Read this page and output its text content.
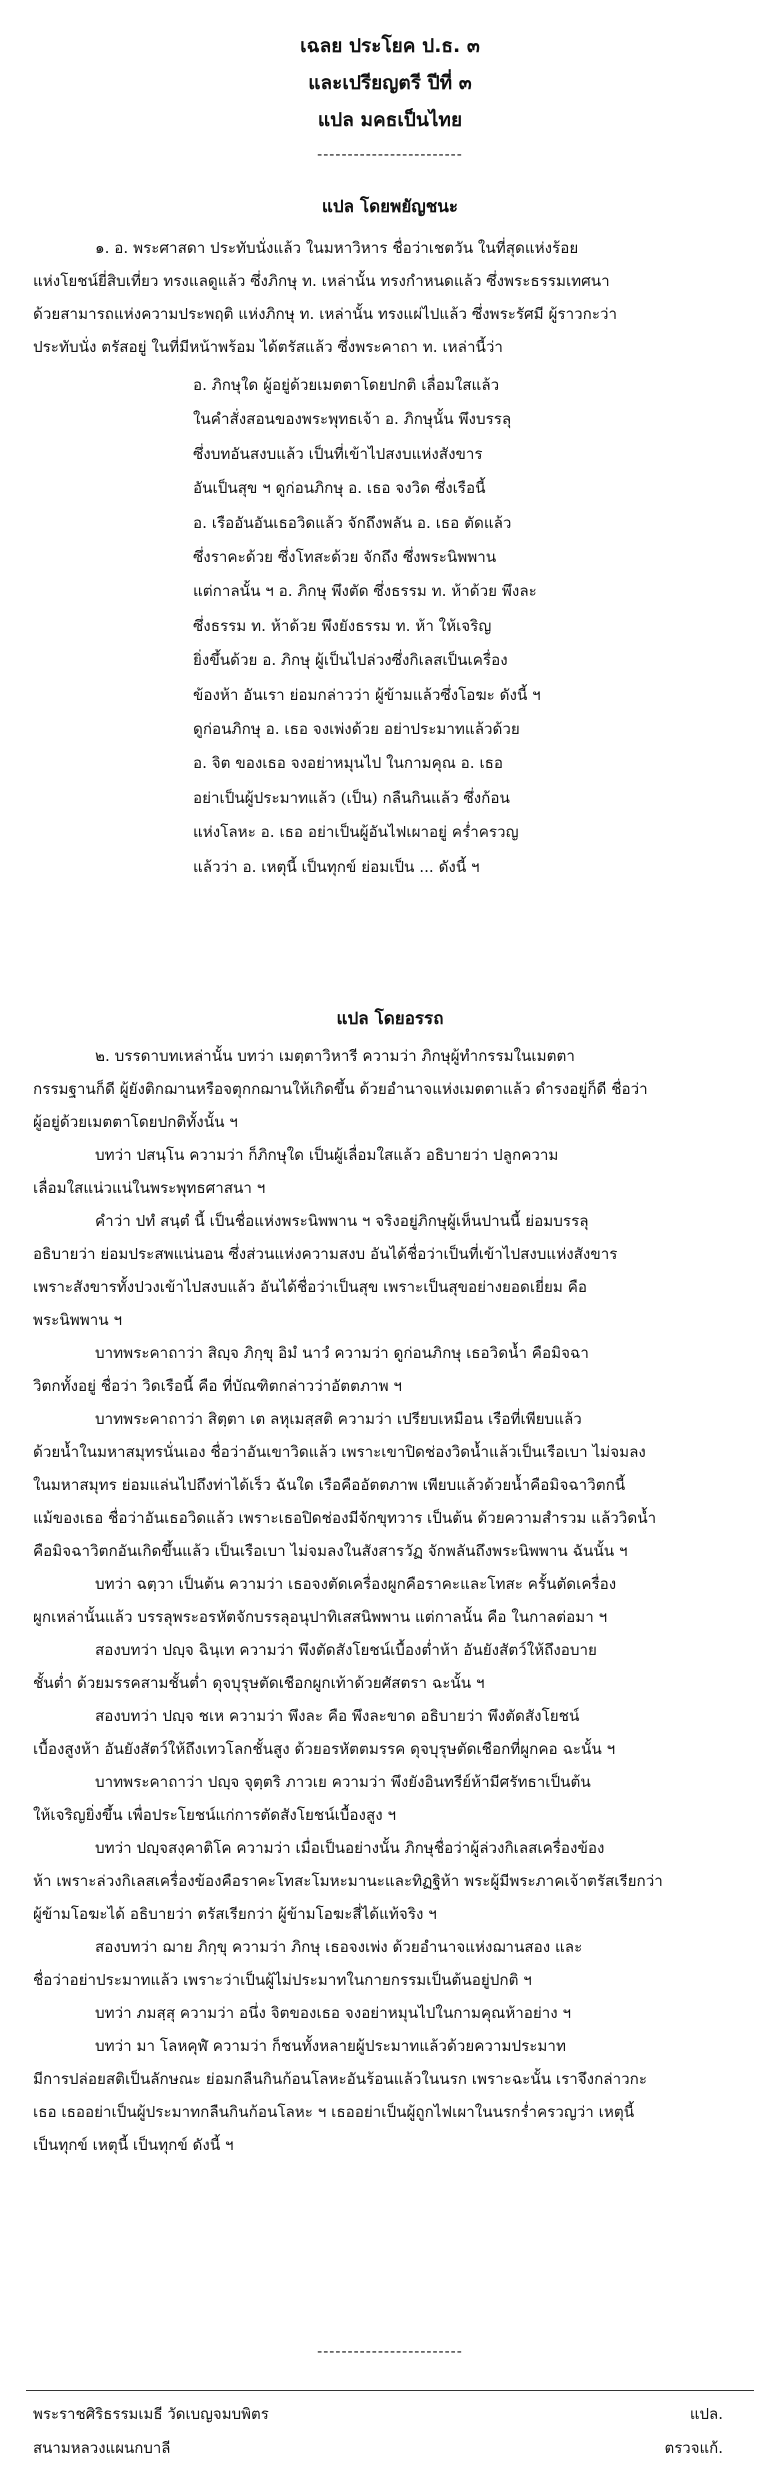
เฉลย ประโยค ป.ธ. ๓
และเปรียญตรี ปีที่ ๓
แปล มคธเป็นไทย
------------------------
แปล โดยพยัญชนะ
๑. อ. พระศาสดา ประทับนั่งแล้ว ในมหาวิหาร ชื่อว่าเชตวัน ในที่สุดแห่งร้อย
แห่งโยชน์ยี่สิบเที่ยว ทรงแลดูแล้ว ซึ่งภิกษุ ท. เหล่านั้น ทรงกำหนดแล้ว ซึ่งพระธรรมเทศนา
ด้วยสามารถแห่งความประพฤติ แห่งภิกษุ ท. เหล่านั้น ทรงแผ่ไปแล้ว ซึ่งพระรัศมี ผู้ราวกะว่า
ประทับนั่ง ตรัสอยู่ ในที่มีหน้าพร้อม ได้ตรัสแล้ว ซึ่งพระคาถา ท. เหล่านี้ว่า
อ. ภิกษุใด ผู้อยู่ด้วยเมตตาโดยปกติ เลื่อมใสแล้ว
ในคำสั่งสอนของพระพุทธเจ้า อ. ภิกษุนั้น พึงบรรลุ
ซึ่งบทอันสงบแล้ว เป็นที่เข้าไปสงบแห่งสังขาร
อันเป็นสุข ฯ ดูก่อนภิกษุ อ. เธอ จงวิด ซึ่งเรือนี้
อ. เรืออันอันเธอวิดแล้ว จักถึงพลัน อ. เธอ ตัดแล้ว
ซึ่งราคะด้วย ซึ่งโทสะด้วย จักถึง ซึ่งพระนิพพาน
แต่กาลนั้น ฯ อ. ภิกษุ พึงตัด ซึ่งธรรม ท. ห้าด้วย พึงละ
ซึ่งธรรม ท. ห้าด้วย พึงยังธรรม ท. ห้า ให้เจริญ
ยิ่งขึ้นด้วย อ. ภิกษุ ผู้เป็นไปล่วงซึ่งกิเลสเป็นเครื่อง
ข้องห้า อันเรา ย่อมกล่าวว่า ผู้ข้ามแล้วซึ่งโอฆะ ดังนี้ ฯ
ดูก่อนภิกษุ อ. เธอ จงเพ่งด้วย อย่าประมาทแล้วด้วย
อ. จิต ของเธอ จงอย่าหมุนไป ในกามคุณ อ. เธอ
อย่าเป็นผู้ประมาทแล้ว (เป็น) กลืนกินแล้ว ซึ่งก้อน
แห่งโลหะ อ. เธอ อย่าเป็นผู้อันไฟเผาอยู่ คร่ำครวญ
แล้วว่า อ. เหตุนี้ เป็นทุกข์ ย่อมเป็น ... ดังนี้ ฯ
แปล โดยอรรถ
๒. บรรดาบทเหล่านั้น บทว่า เมตฺตาวิหารี ความว่า ภิกษุผู้ทำกรรมในเมตตา
กรรมฐานก็ดี ผู้ยังติกฌานหรือจตุกกฌานให้เกิดขึ้น ด้วยอำนาจแห่งเมตตาแล้ว ดำรงอยู่ก็ดี ชื่อว่า
ผู้อยู่ด้วยเมตตาโดยปกติทั้งนั้น ฯ
บทว่า ปสนฺโน ความว่า ก็ภิกษุใด เป็นผู้เลื่อมใสแล้ว อธิบายว่า ปลูกความ
เลื่อมใสแน่วแน่ในพระพุทธศาสนา ฯ
คำว่า ปทํ สนฺตํ นี้ เป็นชื่อแห่งพระนิพพาน ฯ จริงอยู่ภิกษุผู้เห็นปานนี้ ย่อมบรรลุ
อธิบายว่า ย่อมประสพแน่นอน ซึ่งส่วนแห่งความสงบ อันได้ชื่อว่าเป็นที่เข้าไปสงบแห่งสังขาร
เพราะสังขารทั้งปวงเข้าไปสงบแล้ว อันได้ชื่อว่าเป็นสุข เพราะเป็นสุขอย่างยอดเยี่ยม คือ
พระนิพพาน ฯ
บาทพระคาถาว่า สิญฺจ ภิกฺขุ อิมํ นาวํ ความว่า ดูก่อนภิกษุ เธอวิดน้ำ คือมิจฉา
วิตกทั้งอยู่ ชื่อว่า วิดเรือนี้ คือ ที่บัณฑิตกล่าวว่าอัตตภาพ ฯ
บาทพระคาถาว่า สิตฺตา เต ลหุเมสฺสติ ความว่า เปรียบเหมือน เรือที่เพียบแล้ว
ด้วยน้ำในมหาสมุทรนั่นเอง ชื่อว่าอันเขาวิดแล้ว เพราะเขาปิดช่องวิดน้ำแล้วเป็นเรือเบา ไม่จมลง
ในมหาสมุทร ย่อมแล่นไปถึงท่าได้เร็ว ฉันใด เรือคืออัตตภาพ เพียบแล้วด้วยน้ำคือมิจฉาวิตกนี้
แม้ของเธอ ชื่อว่าอันเธอวิดแล้ว เพราะเธอปิดช่องมีจักขุทวาร เป็นต้น ด้วยความสำรวม แล้ววิดน้ำ
คือมิจฉาวิตกอันเกิดขึ้นแล้ว เป็นเรือเบา ไม่จมลงในสังสารวัฏ จักพลันถึงพระนิพพาน ฉันนั้น ฯ
บทว่า ฉตฺวา เป็นต้น ความว่า เธอจงตัดเครื่องผูกคือราคะและโทสะ ครั้นตัดเครื่อง
ผูกเหล่านั้นแล้ว บรรลุพระอรหัตจักบรรลุอนุปาทิเสสนิพพาน แต่กาลนั้น คือ ในกาลต่อมา ฯ
สองบทว่า ปญฺจ ฉินฺเท ความว่า พึงตัดสังโยชน์เบื้องต่ำห้า อันยังสัตว์ให้ถึงอบาย
ชั้นต่ำ ด้วยมรรคสามชั้นต่ำ ดุจบุรุษตัดเชือกผูกเท้าด้วยศัสตรา ฉะนั้น ฯ
สองบทว่า ปญฺจ ชเห ความว่า พึงละ คือ พึงละขาด อธิบายว่า พึงตัดสังโยชน์
เบื้องสูงห้า อันยังสัตว์ให้ถึงเทวโลกชั้นสูง ด้วยอรหัตตมรรค ดุจบุรุษตัดเชือกที่ผูกคอ ฉะนั้น ฯ
บาทพระคาถาว่า ปญฺจ จุตฺตริ ภาวเย ความว่า พึงยังอินทรีย์ห้ามีศรัทธาเป็นต้น
ให้เจริญยิ่งขึ้น เพื่อประโยชน์แก่การตัดสังโยชน์เบื้องสูง ฯ
บทว่า ปญฺจสงฺคาติโค ความว่า เมื่อเป็นอย่างนั้น ภิกษุชื่อว่าผู้ล่วงกิเลสเครื่องข้อง
ห้า เพราะล่วงกิเลสเครื่องข้องคือราคะโทสะโมหะมานะและทิฏฐิห้า พระผู้มีพระภาคเจ้าตรัสเรียกว่า
ผู้ข้ามโอฆะได้ อธิบายว่า ตรัสเรียกว่า ผู้ข้ามโอฆะสี่ได้แท้จริง ฯ
สองบทว่า ฌาย ภิกฺขุ ความว่า ภิกษุ เธอจงเพ่ง ด้วยอำนาจแห่งฌานสอง และ
ชื่อว่าอย่าประมาทแล้ว เพราะว่าเป็นผู้ไม่ประมาทในกายกรรมเป็นต้นอยู่ปกติ ฯ
บทว่า ภมสฺสุ ความว่า อนึ่ง จิตของเธอ จงอย่าหมุนไปในกามคุณห้าอย่าง ฯ
บทว่า มา โลหคุฬํ ความว่า ก็ชนทั้งหลายผู้ประมาทแล้วด้วยความประมาท
มีการปล่อยสติเป็นลักษณะ ย่อมกลืนกินก้อนโลหะอันร้อนแล้วในนรก เพราะฉะนั้น เราจึงกล่าวกะ
เธอ เธออย่าเป็นผู้ประมาทกลืนกินก้อนโลหะ ฯ เธออย่าเป็นผู้ถูกไฟเผาในนรกร่ำครวญว่า เหตุนี้
เป็นทุกข์ เหตุนี้ เป็นทุกข์ ดังนี้ ฯ
------------------------
พระราชศิริธรรมเมธี วัดเบญจมบพิตร	แปล.
สนามหลวงแผนกบาลี	ตรวจแก้.
